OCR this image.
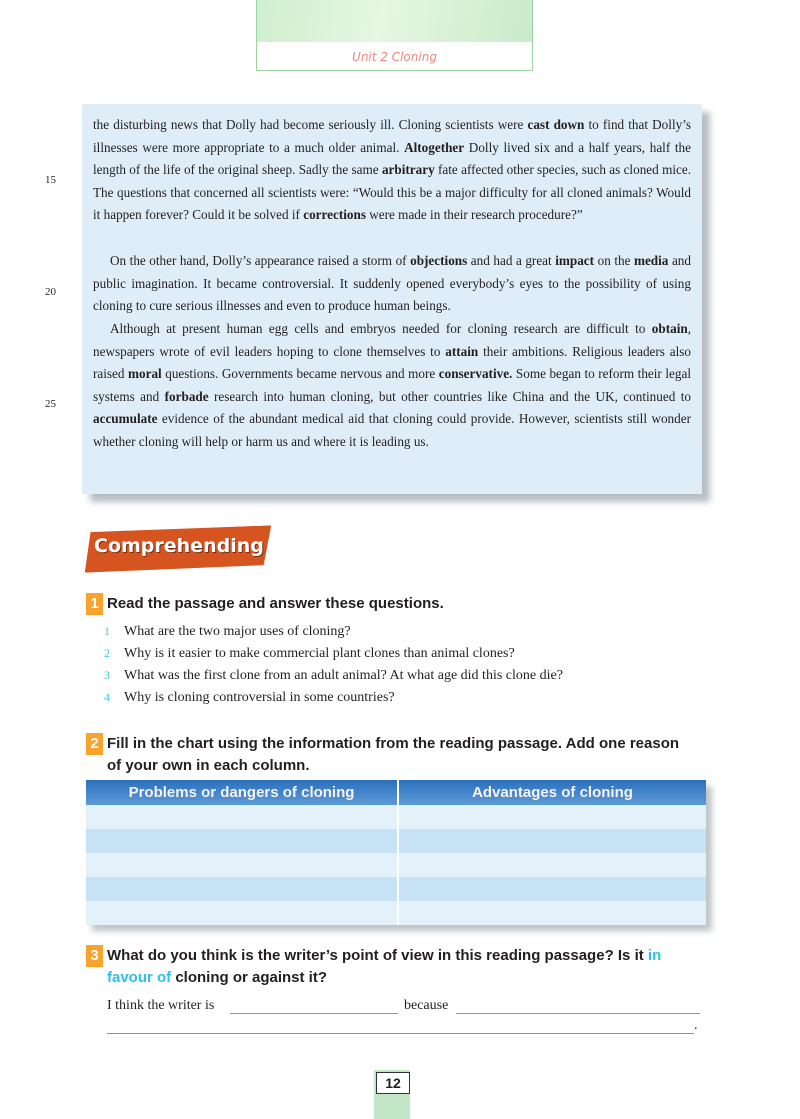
Unit 2 Cloning

the disturbing news that Dolly had become seriously ill. Cloning scientists were cast down to find that Dolly’s illnesses were more appropriate to a much older animal. Altogether Dolly lived six and a half years, half the length of the life of the original sheep. Sadly the same arbitrary fate affected other species, such as cloned mice. The questions that concerned all scientists were: “Would this be a major difficulty for all cloned animals? Would it happen forever? Could it be solved if corrections were made in their research procedure?”

On the other hand, Dolly’s appearance raised a storm of objections and had a great impact on the media and public imagination. It became controversial. It suddenly opened everybody’s eyes to the possibility of using cloning to cure serious illnesses and even to produce human beings.

Although at present human egg cells and embryos needed for cloning research are difficult to obtain, newspapers wrote of evil leaders hoping to clone themselves to attain their ambitions. Religious leaders also raised moral questions. Governments became nervous and more conservative. Some began to reform their legal systems and forbade research into human cloning, but other countries like China and the UK, continued to accumulate evidence of the abundant medical aid that cloning could provide. However, scientists still wonder whether cloning will help or harm us and where it is leading us.

15
20
25
Comprehending
1 Read the passage and answer these questions.
1 What are the two major uses of cloning?
2 Why is it easier to make commercial plant clones than animal clones?
3 What was the first clone from an adult animal? At what age did this clone die?
4 Why is cloning controversial in some countries?
2 Fill in the chart using the information from the reading passage. Add one reason
of your own in each column.
Problems or dangers of cloning	Advantages of cloning
3 What do you think is the writer’s point of view in this reading passage? Is it in
favour of cloning or against it?
I think the writer is	because
.
12
